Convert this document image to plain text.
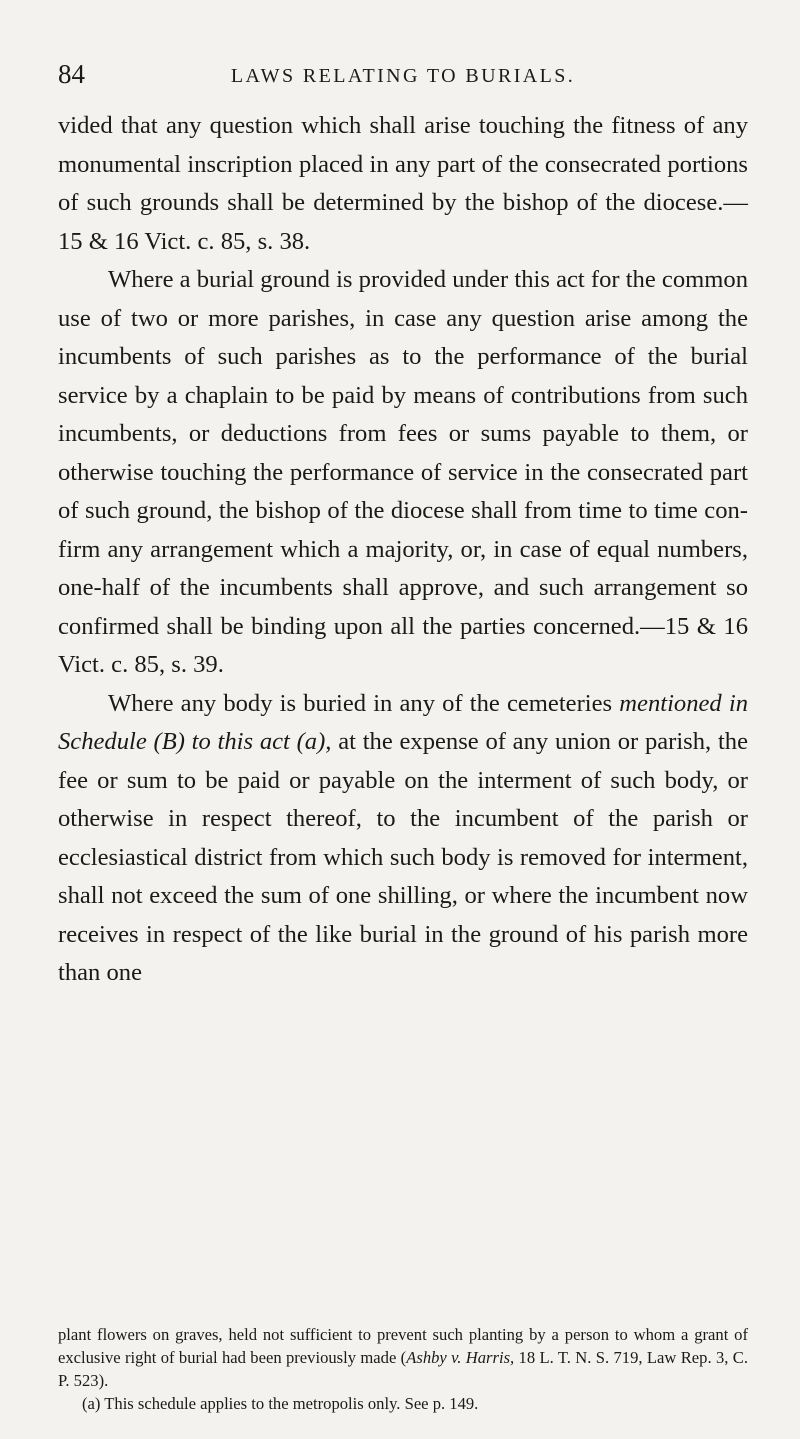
84	LAWS RELATING TO BURIALS.

vided that any question which shall arise touching the fitness of any monumental inscription placed in any part of the consecrated portions of such grounds shall be determined by the bishop of the diocese.—15 & 16 Vict. c. 85, s. 38.

Where a burial ground is provided under this act for the common use of two or more parishes, in case any question arise among the incumbents of such parishes as to the performance of the burial service by a chaplain to be paid by means of contributions from such incumbents, or deductions from fees or sums payable to them, or otherwise touching the performance of service in the consecrated part of such ground, the bishop of the diocese shall from time to time confirm any arrangement which a majority, or, in case of equal numbers, one-half of the incumbents shall approve, and such arrangement so confirmed shall be binding upon all the parties concerned.—15 & 16 Vict. c. 85, s. 39.

Where any body is buried in any of the cemeteries mentioned in Schedule (B) to this act (a), at the expense of any union or parish, the fee or sum to be paid or payable on the interment of such body, or otherwise in respect thereof, to the incumbent of the parish or ecclesiastical district from which such body is removed for interment, shall not exceed the sum of one shilling, or where the incumbent now receives in respect of the like burial in the ground of his parish more than one

plant flowers on graves, held not sufficient to prevent such planting by a person to whom a grant of exclusive right of burial had been previously made (Ashby v. Harris, 18 L. T. N. S. 719, Law Rep. 3, C. P. 523).

(a) This schedule applies to the metropolis only. See p. 149.
